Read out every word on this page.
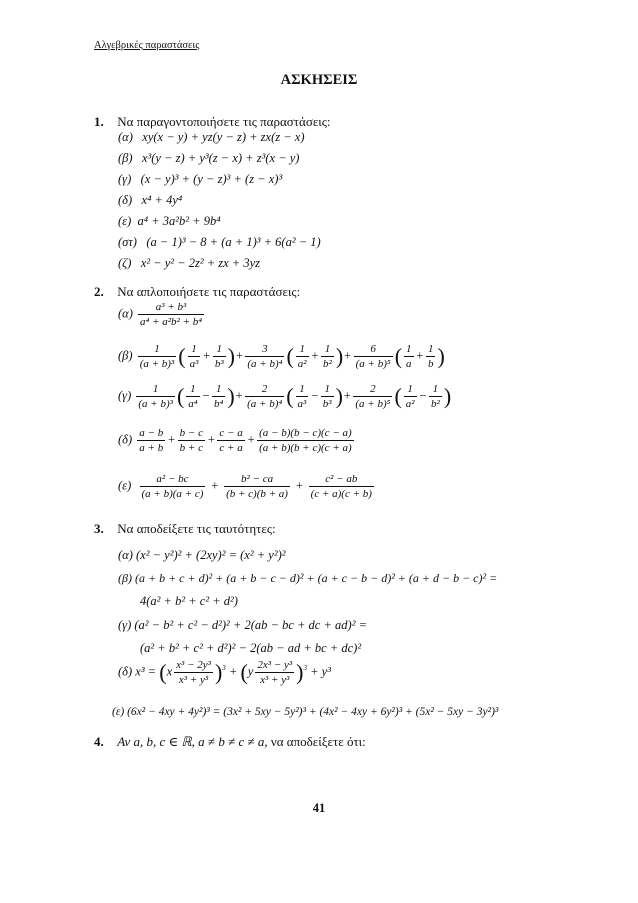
Αλγεβρικές παραστάσεις
ΑΣΚΗΣΕΙΣ
1. Να παραγοντοποιήσετε τις παραστάσεις:
(α) xy(x − y) + yz(y − z) + zx(z − x)
(β) x³(y − z) + y³(z − x) + z³(x − y)
(γ) (x − y)³ + (y − z)³ + (z − x)³
(δ) x⁴ + 4y⁴
(ε) a⁴ + 3a²b² + 9b⁴
(στ) (a − 1)³ − 8 + (a + 1)³ + 6(a² − 1)
(ζ) x² − y² − 2z² + zx + 3yz
2. Να απλοποιήσετε τις παραστάσεις:
$(\alpha) \frac{\text{a³ + b³}}{\text{a⁴ + a²b² + b⁴}}$
$(\beta) \frac{1}{\text{(a + b)³}}$ ( $\frac{1}{\text{a³}} + \frac{1}{\text{b³}}$ )+ $\frac{3}{\text{(a + b)⁴}}$ ( $\frac{1}{\text{a²}} + \frac{1}{\text{b²}}$ )+ $\frac{6}{\text{(a + b)⁵}}$ ( $\frac{1}{a} + \frac{1}{b}$ )
$(\gamma) \frac{1}{\text{(a + b)³}}$ ( $\frac{1}{\text{a⁴}} - \frac{1}{\text{b⁴}}$ )+ $\frac{2}{\text{(a + b)⁴}}$ ( $\frac{1}{\text{a³}} - \frac{1}{\text{b³}}$ )+ $\frac{2}{\text{(a + b)⁵}}$ ( $\frac{1}{\text{a²}} - \frac{1}{\text{b²}}$ )
$(\delta) \frac{a - b}{a + b} + \frac{b - c}{b + c} + \frac{c - a}{c + a} + \frac{(a - b)(b - c)(c - a)}{(a + b)(b + c)(c + a)}$
$(\varepsilon) \frac{\text{a² − bc}}{(a + b)(a + c)} + \frac{\text{b² − ca}}{(b + c)(b + a)} + \frac{\text{c² − ab}}{(c + a)(c + b)}$
3. Να αποδείξετε τις ταυτότητες:
(α) (x² − y²)² + (2xy)² = (x² + y²)²
(β) (a + b + c + d)² + (a + b − c − d)² + (a + c − b − d)² + (a + d − b − c)² =
4(a² + b² + c² + d²)
(γ) (a² − b² + c² − d²)² + 2(ab − bc + dc + ad)² =
(a² + b² + c² + d²)² − 2(ab − ad + bc + dc)²
(δ) $x^3 = (x \frac{\text{x³ − 2y³}}{\text{x³ + y³}} )^3 + (y \frac{\text{2x³ − y³}}{\text{x³ + y³}} )^3 + y^3$
(ε) (6x² − 4xy + 4y²)³ = (3x² + 5xy − 5y²)³ + (4x² − 4xy + 6y²)³ + (5x² − 5xy − 3y²)³
4. Αν a, b, c ∈ ℝ, a ≠ b ≠ c ≠ a, να αποδείξετε ότι:
41
